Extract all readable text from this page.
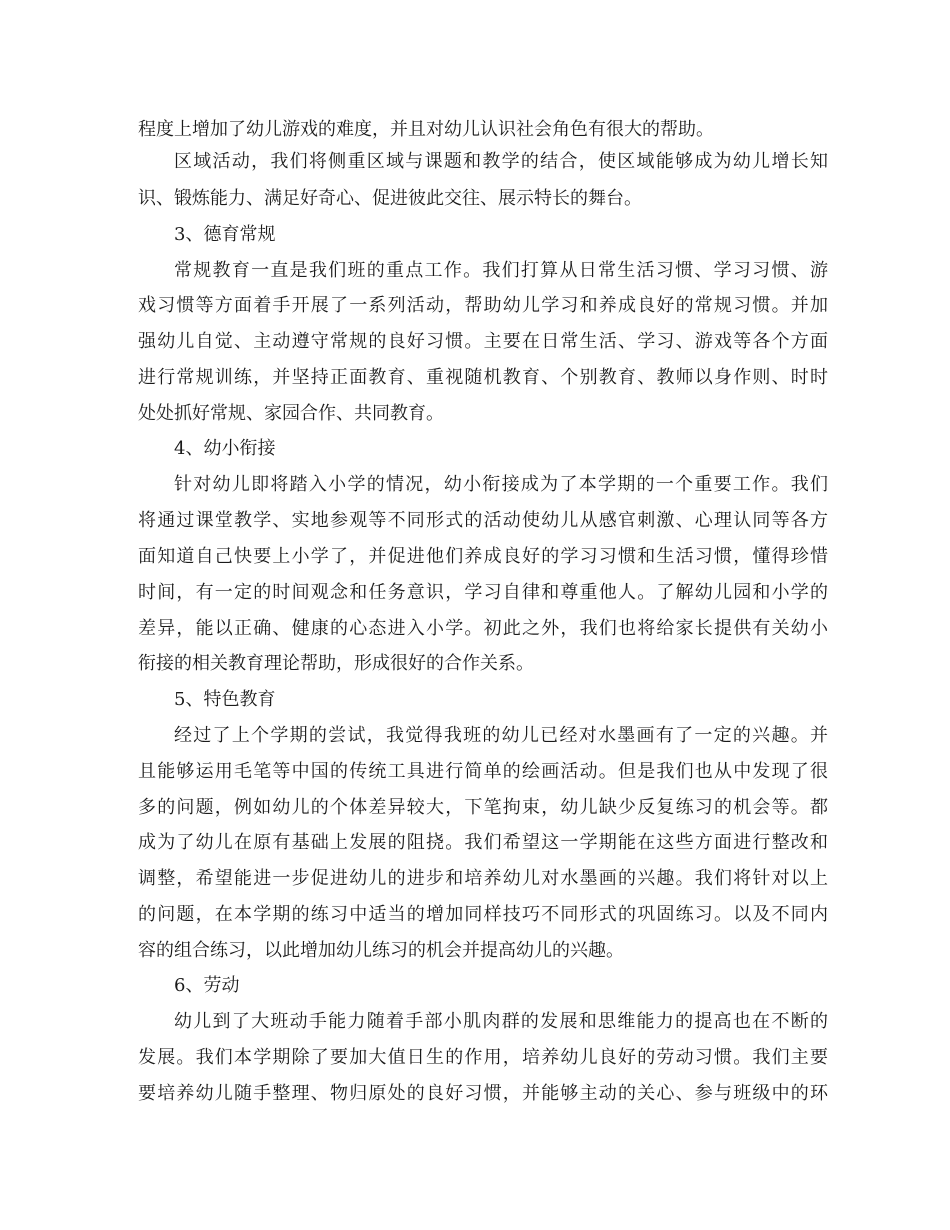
程度上增加了幼儿游戏的难度，并且对幼儿认识社会角色有很大的帮助。
区域活动，我们将侧重区域与课题和教学的结合，使区域能够成为幼儿增长知
识、锻炼能力、满足好奇心、促进彼此交往、展示特长的舞台。
3、德育常规
常规教育一直是我们班的重点工作。我们打算从日常生活习惯、学习习惯、游
戏习惯等方面着手开展了一系列活动，帮助幼儿学习和养成良好的常规习惯。并加
强幼儿自觉、主动遵守常规的良好习惯。主要在日常生活、学习、游戏等各个方面
进行常规训练，并坚持正面教育、重视随机教育、个别教育、教师以身作则、时时
处处抓好常规、家园合作、共同教育。
4、幼小衔接
针对幼儿即将踏入小学的情况，幼小衔接成为了本学期的一个重要工作。我们
将通过课堂教学、实地参观等不同形式的活动使幼儿从感官刺激、心理认同等各方
面知道自己快要上小学了，并促进他们养成良好的学习习惯和生活习惯，懂得珍惜
时间，有一定的时间观念和任务意识，学习自律和尊重他人。了解幼儿园和小学的
差异，能以正确、健康的心态进入小学。初此之外，我们也将给家长提供有关幼小
衔接的相关教育理论帮助，形成很好的合作关系。
5、特色教育
经过了上个学期的尝试，我觉得我班的幼儿已经对水墨画有了一定的兴趣。并
且能够运用毛笔等中国的传统工具进行简单的绘画活动。但是我们也从中发现了很
多的问题，例如幼儿的个体差异较大，下笔拘束，幼儿缺少反复练习的机会等。都
成为了幼儿在原有基础上发展的阻挠。我们希望这一学期能在这些方面进行整改和
调整，希望能进一步促进幼儿的进步和培养幼儿对水墨画的兴趣。我们将针对以上
的问题，在本学期的练习中适当的增加同样技巧不同形式的巩固练习。以及不同内
容的组合练习，以此增加幼儿练习的机会并提高幼儿的兴趣。
6、劳动
幼儿到了大班动手能力随着手部小肌肉群的发展和思维能力的提高也在不断的
发展。我们本学期除了要加大值日生的作用，培养幼儿良好的劳动习惯。我们主要
要培养幼儿随手整理、物归原处的良好习惯，并能够主动的关心、参与班级中的环
